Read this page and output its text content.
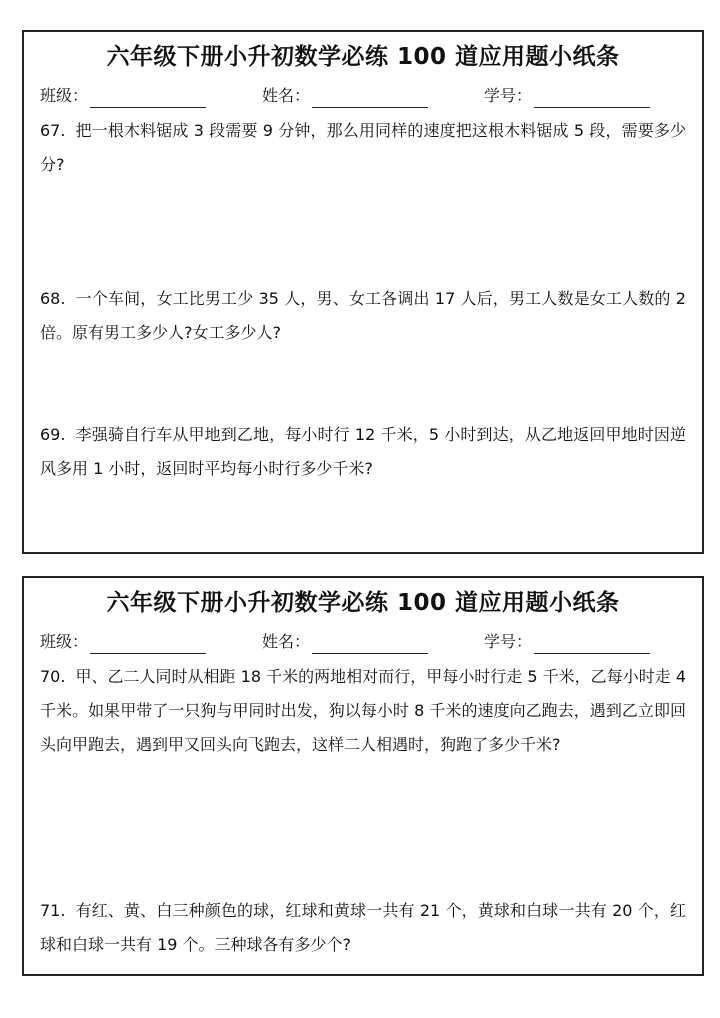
六年级下册小升初数学必练 100 道应用题小纸条
班级：	姓名：	学号：
67. 把一根木料锯成 3 段需要 9 分钟，那么用同样的速度把这根木料锯成 5 段，需要多少分?
68. 一个车间，女工比男工少 35 人，男、女工各调出 17 人后，男工人数是女工人数的 2 倍。原有男工多少人?女工多少人?
69. 李强骑自行车从甲地到乙地，每小时行 12 千米，5 小时到达，从乙地返回甲地时因逆风多用 1 小时，返回时平均每小时行多少千米?
六年级下册小升初数学必练 100 道应用题小纸条
班级：	姓名：	学号：
70. 甲、乙二人同时从相距 18 千米的两地相对而行，甲每小时行走 5 千米，乙每小时走 4 千米。如果甲带了一只狗与甲同时出发，狗以每小时 8 千米的速度向乙跑去，遇到乙立即回头向甲跑去，遇到甲又回头向飞跑去，这样二人相遇时，狗跑了多少千米?
71. 有红、黄、白三种颜色的球，红球和黄球一共有 21 个，黄球和白球一共有 20 个，红球和白球一共有 19 个。三种球各有多少个?
